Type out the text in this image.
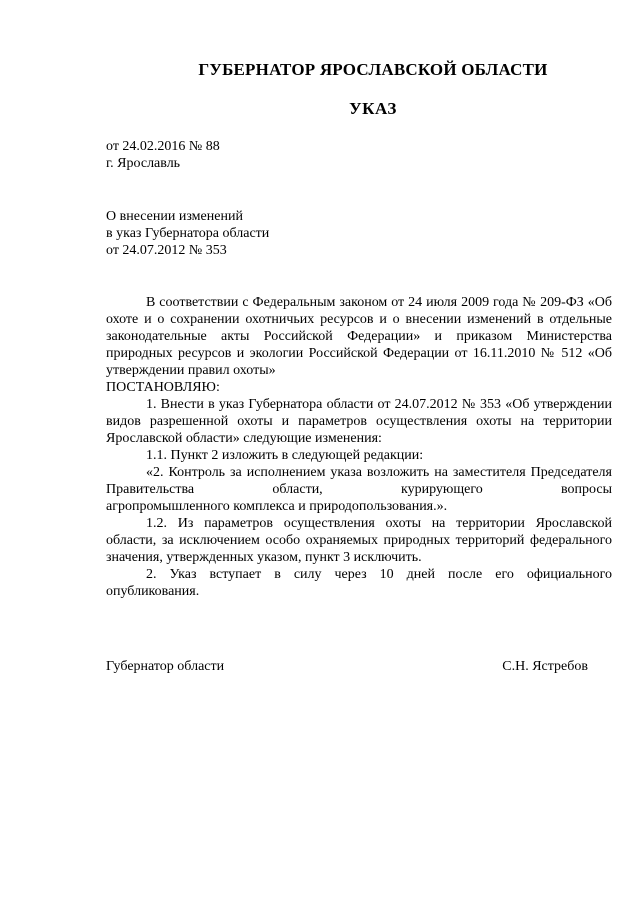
ГУБЕРНАТОР ЯРОСЛАВСКОЙ ОБЛАСТИ
УКАЗ
от 24.02.2016 № 88
г. Ярославль
О внесении изменений
в указ Губернатора области
от 24.07.2012 № 353

В соответствии с Федеральным законом от 24 июля 2009 года № 209-ФЗ «Об охоте и о сохранении охотничьих ресурсов и о внесении изменений в отдельные законодательные акты Российской Федерации» и приказом Министерства природных ресурсов и экологии Российской Федерации от 16.11.2010 № 512 «Об утверждении правил охоты»

ПОСТАНОВЛЯЮ:

1. Внести в указ Губернатора области от 24.07.2012 № 353 «Об утверждении видов разрешенной охоты и параметров осуществления охоты на территории Ярославской области» следующие изменения:

1.1. Пункт 2 изложить в следующей редакции:

«2. Контроль за исполнением указа возложить на заместителя Председателя Правительства области, курирующего вопросы

агропромышленного комплекса и природопользования.».

1.2. Из параметров осуществления охоты на территории Ярославской области, за исключением особо охраняемых природных территорий федерального значения, утвержденных указом, пункт 3 исключить.

2. Указ вступает в силу через 10 дней после его официального опубликования.

Губернатор области	С.Н. Ястребов
